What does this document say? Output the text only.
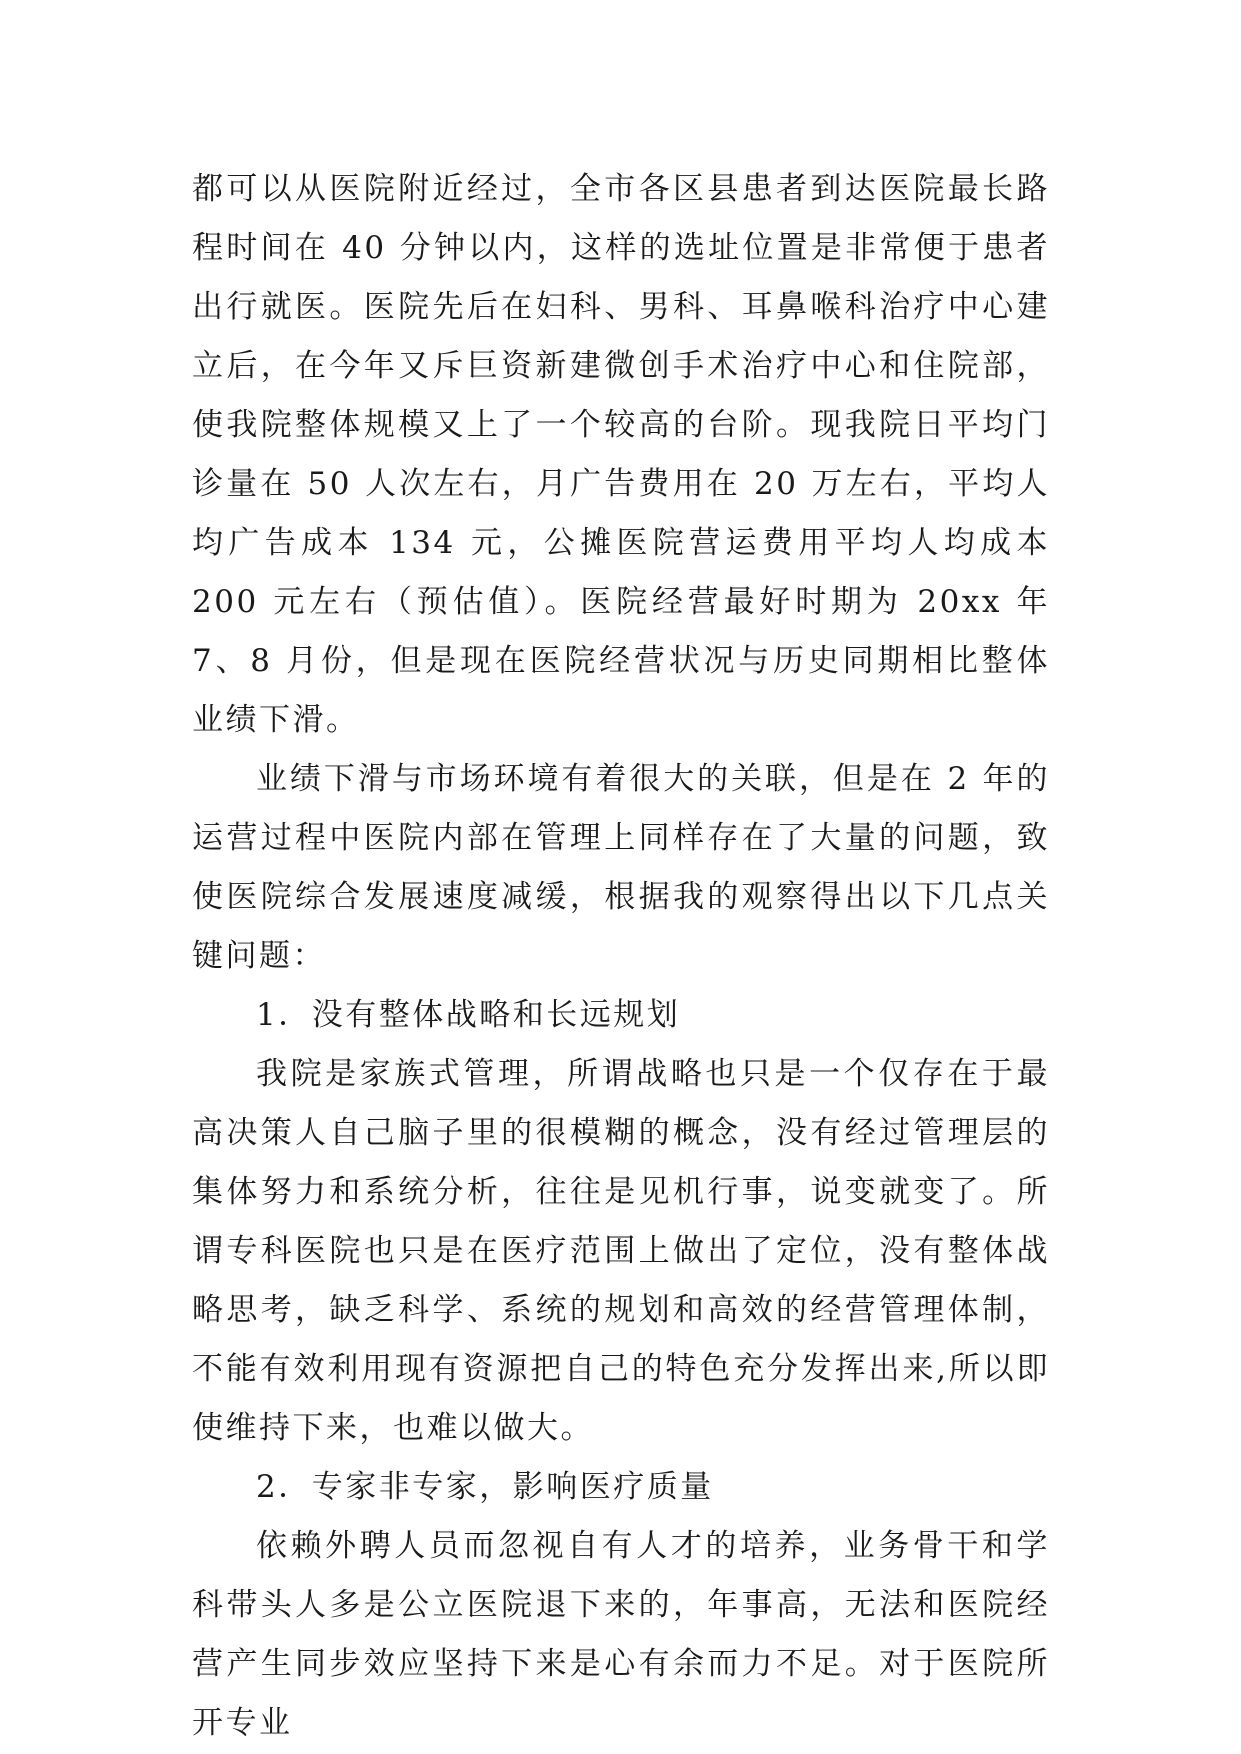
都可以从医院附近经过，全市各区县患者到达医院最长路程时间在 40 分钟以内，这样的选址位置是非常便于患者出行就医。医院先后在妇科、男科、耳鼻喉科治疗中心建立后，在今年又斥巨资新建微创手术治疗中心和住院部，使我院整体规模又上了一个较高的台阶。现我院日平均门诊量在 50 人次左右，月广告费用在 20 万左右，平均人均广告成本 134 元，公摊医院营运费用平均人均成本 200 元左右（预估值）。医院经营最好时期为 20xx 年 7、8 月份，但是现在医院经营状况与历史同期相比整体业绩下滑。

业绩下滑与市场环境有着很大的关联，但是在 2 年的运营过程中医院内部在管理上同样存在了大量的问题，致使医院综合发展速度减缓，根据我的观察得出以下几点关键问题：

1．没有整体战略和长远规划

我院是家族式管理，所谓战略也只是一个仅存在于最高决策人自己脑子里的很模糊的概念，没有经过管理层的集体努力和系统分析，往往是见机行事，说变就变了。所谓专科医院也只是在医疗范围上做出了定位，没有整体战略思考，缺乏科学、系统的规划和高效的经营管理体制，不能有效利用现有资源把自己的特色充分发挥出来,所以即使维持下来，也难以做大。

2．专家非专家，影响医疗质量

依赖外聘人员而忽视自有人才的培养，业务骨干和学科带头人多是公立医院退下来的，年事高，无法和医院经营产生同步效应坚持下来是心有余而力不足。对于医院所开专业
